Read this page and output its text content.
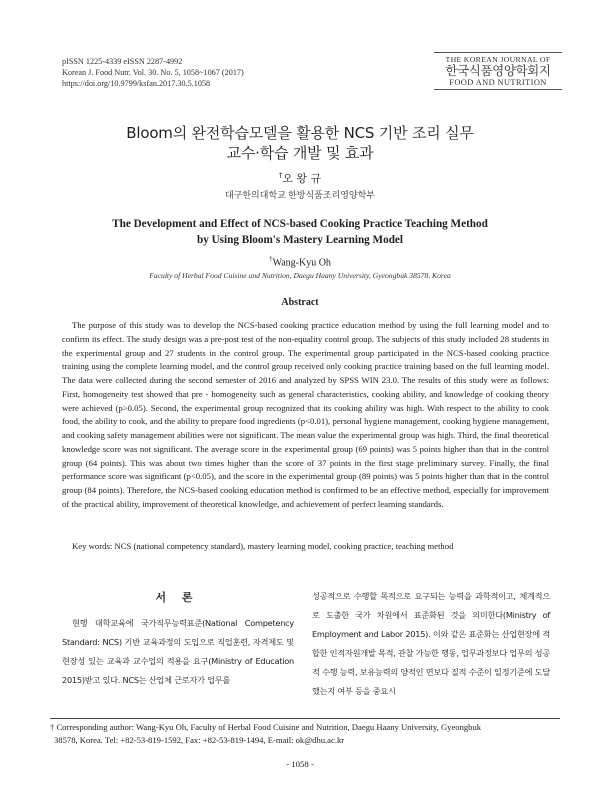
pISSN 1225-4339 eISSN 2287-4992
Korean J. Food Nutr. Vol. 30. No. 5, 1058~1067 (2017)
https://doi.org/10.9799/ksfan.2017.30.5.1058
THE KOREAN JOURNAL OF
한국식품영양학회지
FOOD AND NUTRITION
Bloom의 완전학습모델을 활용한 NCS 기반 조리 실무
교수·학습 개발 및 효과
†오 왕 규
대구한의대학교 한방식품조리영양학부
The Development and Effect of NCS-based Cooking Practice Teaching Method
by Using Bloom's Mastery Learning Model
†Wang-Kyu Oh
Faculty of Herbal Food Cuisine and Nutrition, Daegu Haany University, Gyeongbuk 38578, Korea
Abstract

The purpose of this study was to develop the NCS-based cooking practice education method by using the full learning model and to confirm its effect. The study design was a pre-post test of the non-equality control group. The subjects of this study included 28 students in the experimental group and 27 students in the control group. The experimental group participated in the NCS-based cooking practice training using the complete learning model, and the control group received only cooking practice training based on the full learning model. The data were collected during the second semester of 2016 and analyzed by SPSS WIN 23.0. The results of this study were as follows: First, homogeneity test showed that pre - homogeneity such as general characteristics, cooking ability, and knowledge of cooking theory were achieved (p>0.05). Second, the experimental group recognized that its cooking ability was high. With respect to the ability to cook food, the ability to cook, and the ability to prepare food ingredients (p<0.01), personal hygiene management, cooking hygiene management, and cooking safety management abilities were not significant. The mean value the experimental group was high. Third, the final theoretical knowledge score was not significant. The average score in the experimental group (69 points) was 5 points higher than that in the control group (64 points). This was about two times higher than the score of 37 points in the first stage preliminary survey. Finally, the final performance score was significant (p<0.05), and the score in the experimental group (89 points) was 5 points higher than that in the control group (84 points). Therefore, the NCS-based cooking education method is confirmed to be an effective method, especially for improvement of the practical ability, improvement of theoretical knowledge, and achievement of perfect learning standards.

Key words: NCS (national competency standard), mastery learning model, cooking practice, teaching method
서 론

현행 대학교육에 국가직무능력표준(National Competency Standard: NCS) 기반 교육과정의 도입으로 직업훈련, 자격제도 및 현장성 있는 교육과 교수업의 적용을 요구(Ministry of Education 2015)받고 있다. NCS는 산업체 근로자가 업무를

성공적으로 수행할 목적으로 요구되는 능력을 과학적이고, 체계적으로 도출한 국가 차원에서 표준화된 것을 의미한다(Ministry of Employment and Labor 2015). 이와 같은 표준화는 산업현장에 적합한 인적자원개발 목적, 관찰 가능한 행동, 업무과정보다 업무의 성공적 수행 능력, 보유능력의 양적인 면보다 질적 수준이 일정기준에 도달했는지 여부 등을 중요시

† Corresponding author: Wang-Kyu Oh, Faculty of Herbal Food Cuisine and Nutrition, Daegu Haany University, Gyeongbuk
38578, Korea. Tel: +82-53-819-1592, Fax: +82-53-819-1494, E-mail: ok@dhu.ac.kr
- 1058 -
